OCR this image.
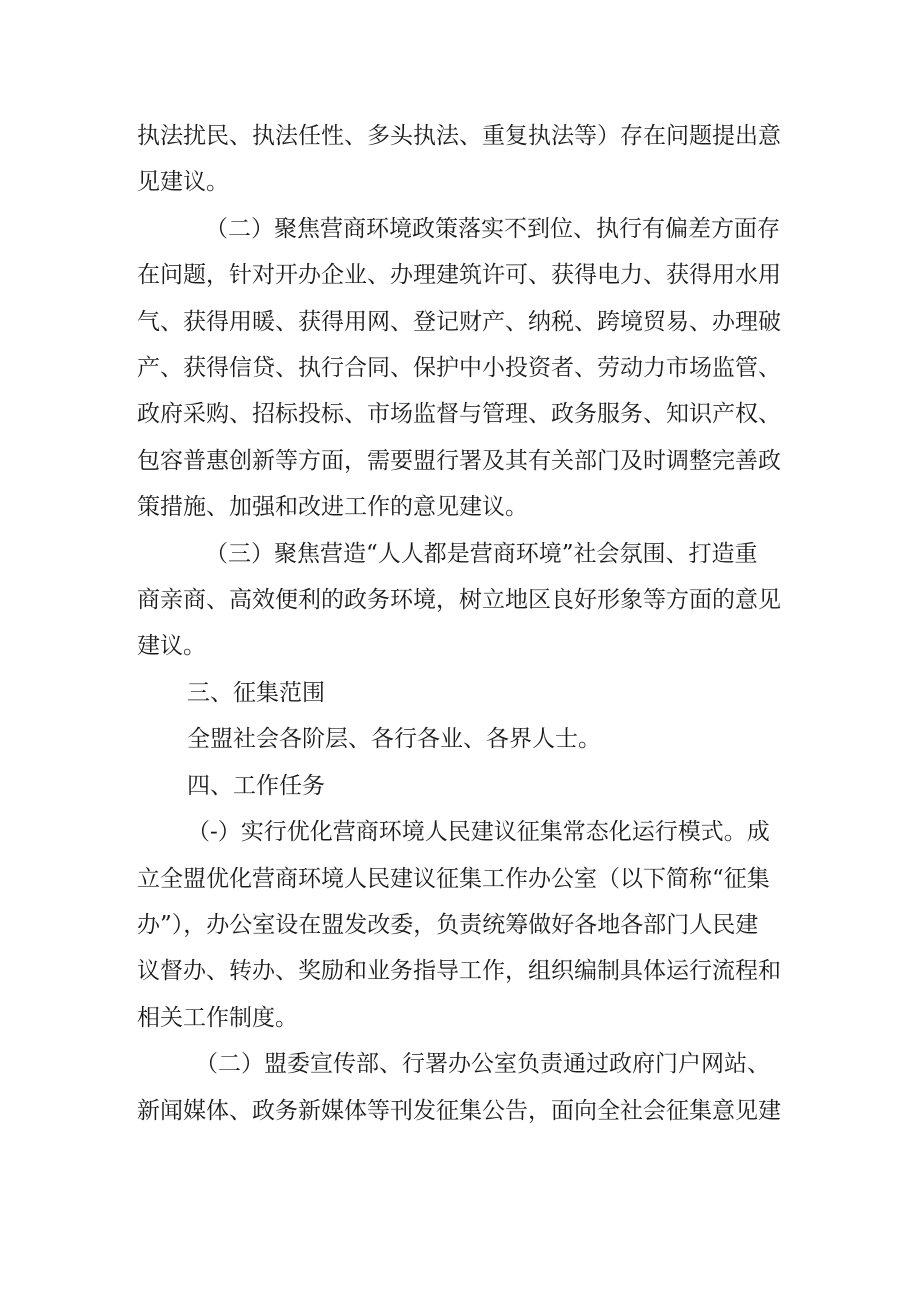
执法扰民、执法任性、多头执法、重复执法等）存在问题提出意
见建议。

（二）聚焦营商环境政策落实不到位、执行有偏差方面存
在问题，针对开办企业、办理建筑许可、获得电力、获得用水用
气、获得用暖、获得用网、登记财产、纳税、跨境贸易、办理破
产、获得信贷、执行合同、保护中小投资者、劳动力市场监管、
政府采购、招标投标、市场监督与管理、政务服务、知识产权、
包容普惠创新等方面，需要盟行署及其有关部门及时调整完善政
策措施、加强和改进工作的意见建议。

（三）聚焦营造“人人都是营商环境”社会氛围、打造重
商亲商、高效便利的政务环境，树立地区良好形象等方面的意见
建议。

三、征集范围

全盟社会各阶层、各行各业、各界人士。

四、工作任务

（-）实行优化营商环境人民建议征集常态化运行模式。成
立全盟优化营商环境人民建议征集工作办公室（以下简称“征集
办”），办公室设在盟发改委，负责统筹做好各地各部门人民建
议督办、转办、奖励和业务指导工作，组织编制具体运行流程和
相关工作制度。

（二）盟委宣传部、行署办公室负责通过政府门户网站、
新闻媒体、政务新媒体等刊发征集公告，面向全社会征集意见建
